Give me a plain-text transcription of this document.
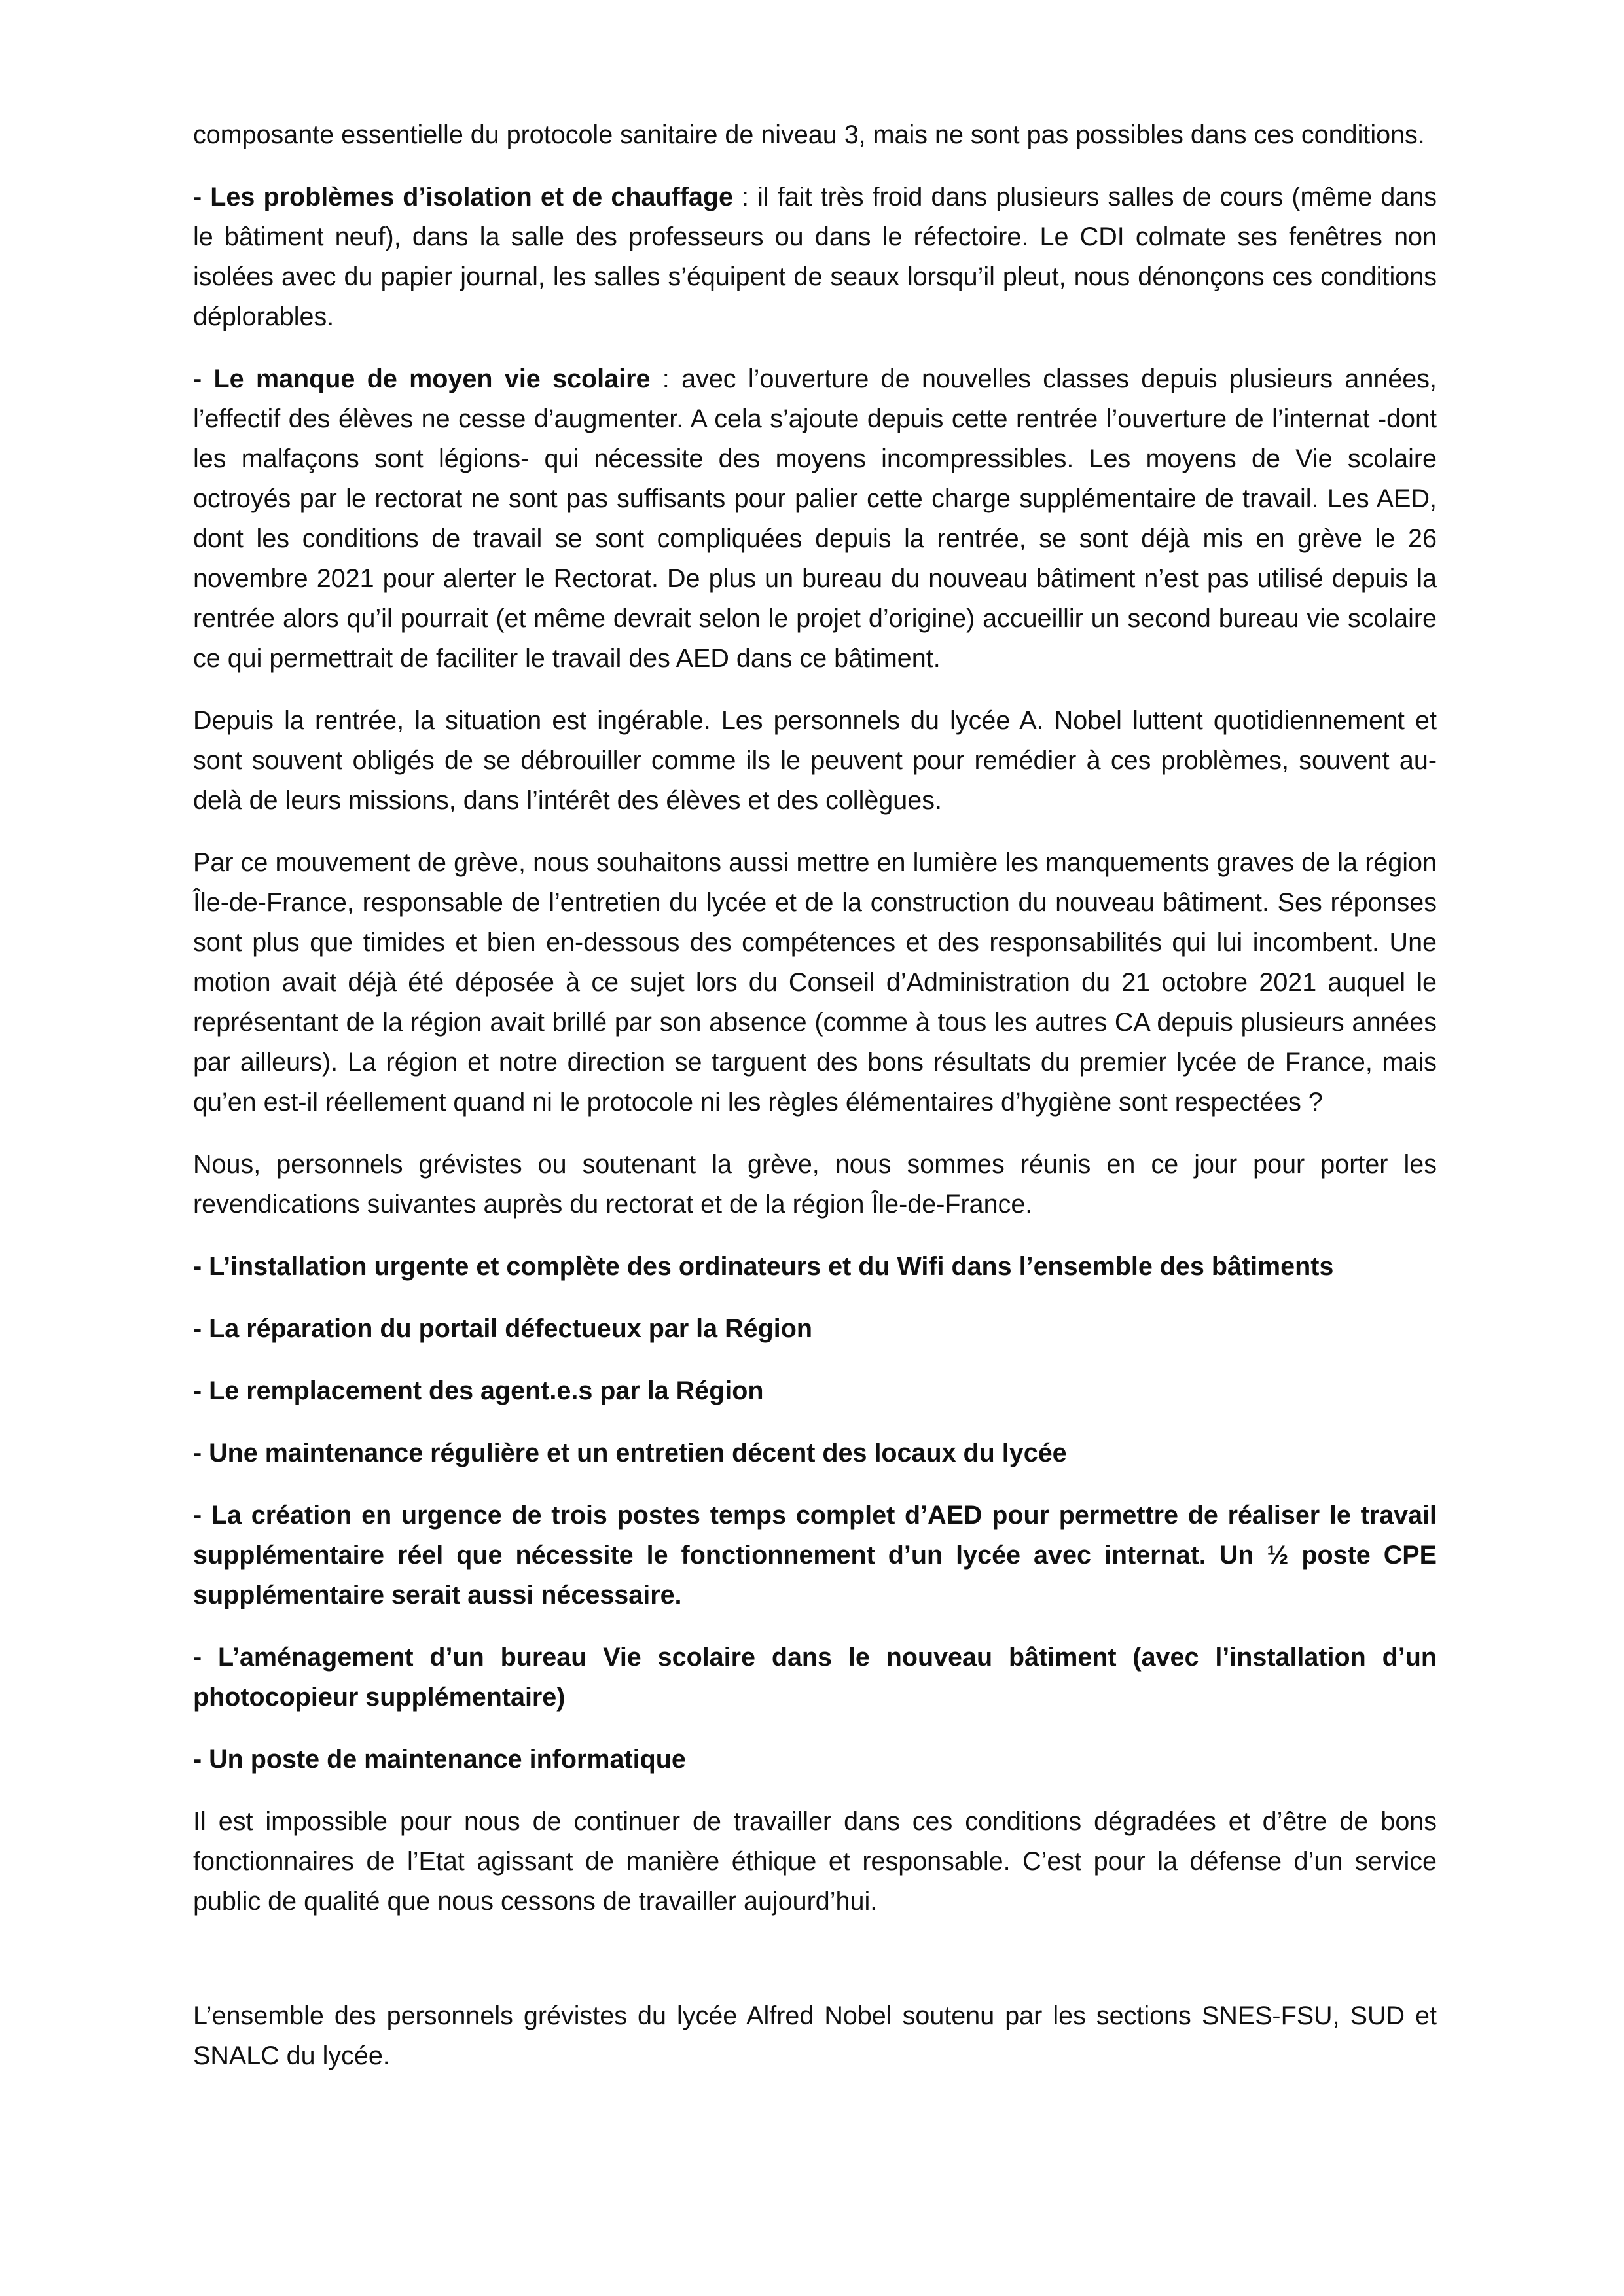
composante essentielle du protocole sanitaire de niveau 3, mais ne sont pas possibles dans ces conditions.

- Les problèmes d’isolation et de chauffage : il fait très froid dans plusieurs salles de cours (même dans le bâtiment neuf), dans la salle des professeurs ou dans le réfectoire. Le CDI colmate ses fenêtres non isolées avec du papier journal, les salles s’équipent de seaux lorsqu’il pleut, nous dénonçons ces conditions déplorables.

- Le manque de moyen vie scolaire : avec l’ouverture de nouvelles classes depuis plusieurs années, l’effectif des élèves ne cesse d’augmenter. A cela s’ajoute depuis cette rentrée l’ouverture de l’internat -dont les malfaçons sont légions- qui nécessite des moyens incompressibles. Les moyens de Vie scolaire octroyés par le rectorat ne sont pas suffisants pour palier cette charge supplémentaire de travail. Les AED, dont les conditions de travail se sont compliquées depuis la rentrée, se sont déjà mis en grève le 26 novembre 2021 pour alerter le Rectorat. De plus un bureau du nouveau bâtiment n’est pas utilisé depuis la rentrée alors qu’il pourrait (et même devrait selon le projet d’origine) accueillir un second bureau vie scolaire ce qui permettrait de faciliter le travail des AED dans ce bâtiment.

Depuis la rentrée, la situation est ingérable. Les personnels du lycée A. Nobel luttent quotidiennement et sont souvent obligés de se débrouiller comme ils le peuvent pour remédier à ces problèmes, souvent au-delà de leurs missions, dans l’intérêt des élèves et des collègues.

Par ce mouvement de grève, nous souhaitons aussi mettre en lumière les manquements graves de la région Île-de-France, responsable de l’entretien du lycée et de la construction du nouveau bâtiment. Ses réponses sont plus que timides et bien en-dessous des compétences et des responsabilités qui lui incombent. Une motion avait déjà été déposée à ce sujet lors du Conseil d’Administration du 21 octobre 2021 auquel le représentant de la région avait brillé par son absence (comme à tous les autres CA depuis plusieurs années par ailleurs). La région et notre direction se targuent des bons résultats du premier lycée de France, mais qu’en est-il réellement quand ni le protocole ni les règles élémentaires d’hygiène sont respectées ?

Nous, personnels grévistes ou soutenant la grève, nous sommes réunis en ce jour pour porter les revendications suivantes auprès du rectorat et de la région Île-de-France.

- L’installation urgente et complète des ordinateurs et du Wifi dans l’ensemble des bâtiments

- La réparation du portail défectueux par la Région

- Le remplacement des agent.e.s par la Région

- Une maintenance régulière et un entretien décent des locaux du lycée

- La création en urgence de trois postes temps complet d’AED pour permettre de réaliser le travail supplémentaire réel que nécessite le fonctionnement d’un lycée avec internat. Un ½ poste CPE supplémentaire serait aussi nécessaire.

- L’aménagement d’un bureau Vie scolaire dans le nouveau bâtiment (avec l’installation d’un photocopieur supplémentaire)

- Un poste de maintenance informatique

Il est impossible pour nous de continuer de travailler dans ces conditions dégradées et d’être de bons fonctionnaires de l’Etat agissant de manière éthique et responsable. C’est pour la défense d’un service public de qualité que nous cessons de travailler aujourd’hui.

L’ensemble des personnels grévistes du lycée Alfred Nobel soutenu par les sections SNES-FSU, SUD et SNALC du lycée.
